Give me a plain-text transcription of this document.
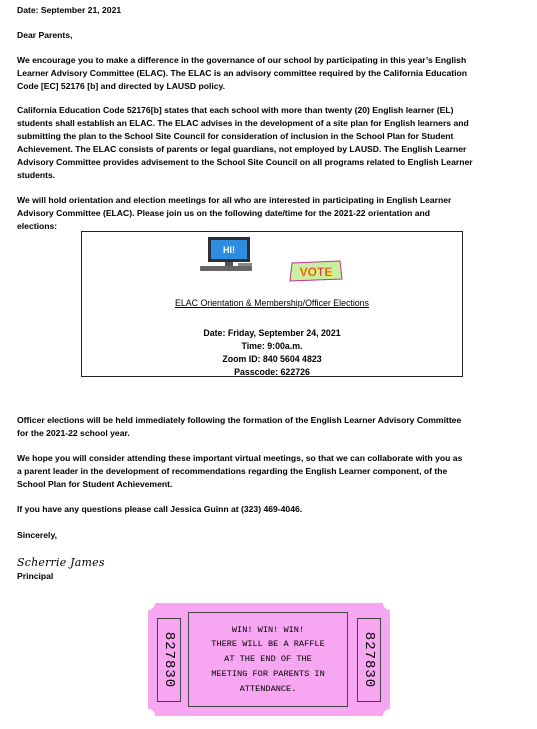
Date: September 21, 2021

Dear Parents,

We encourage you to make a difference in the governance of our school by participating in this year’s English

Learner Advisory Committee (ELAC). The ELAC is an advisory committee required by the California Education

Code [EC] 52176 [b] and directed by LAUSD policy.

California Education Code 52176[b] states that each school with more than twenty (20) English learner (EL)

students shall establish an ELAC. The ELAC advises in the development of a site plan for English learners and

submitting the plan to the School Site Council for consideration of inclusion in the School Plan for Student

Achievement. The ELAC consists of parents or legal guardians, not employed by LAUSD. The English Learner

Advisory Committee provides advisement to the School Site Council on all programs related to English Learner

students.

We will hold orientation and election meetings for all who are interested in participating in English Learner

Advisory Committee (ELAC). Please join us on the following date/time for the 2021-22 orientation and

elections:

HI!
VOTE
ELAC Orientation & Membership/Officer Elections
Date: Friday, September 24, 2021
Time: 9:00a.m.
Zoom ID: 840 5604 4823
Passcode: 622726

Officer elections will be held immediately following the formation of the English Learner Advisory Committee

for the 2021-22 school year.

We hope you will consider attending these important virtual meetings, so that we can collaborate with you as

a parent leader in the development of recommendations regarding the English Learner component, of the

School Plan for Student Achievement.

If you have any questions please call Jessica Guinn at (323) 469-4046.

Sincerely,

Scherrie James

Principal

827830
WIN! WIN! WIN!
THERE WILL BE A RAFFLE
AT THE END OF THE
MEETING FOR PARENTS IN
ATTENDANCE.
827830
